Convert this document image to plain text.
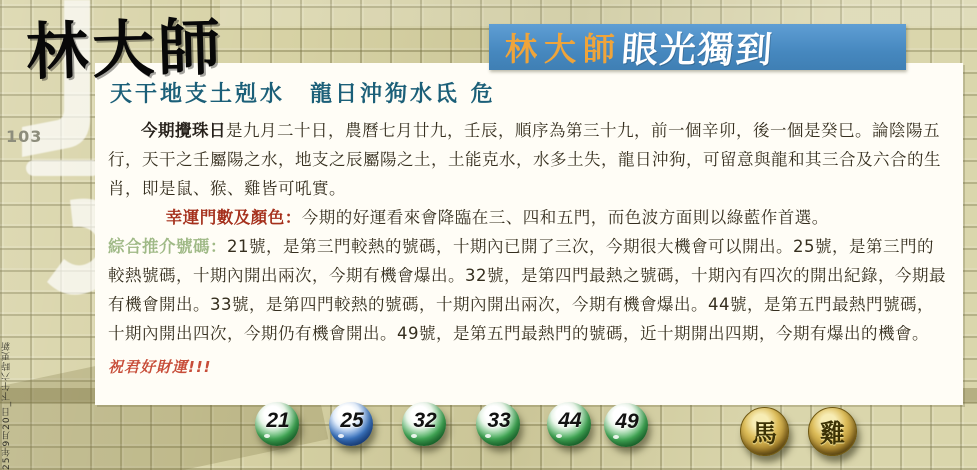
103
25年9月20日_下午六時更新
天干地支土剋水　龍日沖狗水氐 危

今期攪珠日是九月二十日，農曆七月廿九，壬辰，順序為第三十九，前一個辛卯，後一個是癸巳。論陰陽五行，天干之壬屬陽之水，地支之辰屬陽之土，土能克水，水多土失，龍日沖狗，可留意與龍和其三合及六合的生肖，即是鼠、猴、雞皆可吼實。

幸運門數及顏色：今期的好運看來會降臨在三、四和五門，而色波方面則以綠藍作首選。

綜合推介號碼：21號，是第三門較熱的號碼，十期內已開了三次，今期很大機會可以開出。25號，是第三門的較熱號碼，十期內開出兩次，今期有機會爆出。32號，是第四門最熱之號碼，十期內有四次的開出紀錄，今期最有機會開出。33號，是第四門較熱的號碼，十期內開出兩次，今期有機會爆出。44號，是第五門最熱門號碼，十期內開出四次，今期仍有機會開出。49號，是第五門最熱門的號碼，近十期開出四期，今期有爆出的機會。

祝君好財運!!!
林大師
眼光獨到
林大師
21 25 32 33 44 49	馬 雞
